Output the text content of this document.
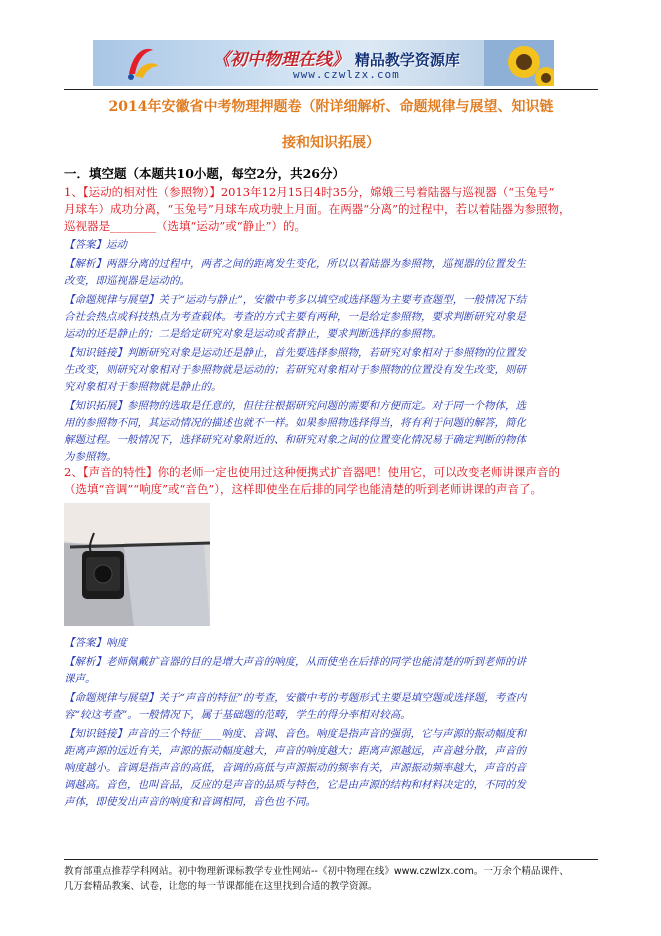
《初中物理在线》 精品教学资源库
www.czwlzx.com
2014年安徽省中考物理押题卷（附详细解析、命题规律与展望、知识链
接和知识拓展）
一．填空题（本题共10小题，每空2分，共26分）
1、【运动的相对性（参照物）】2013年12月15日4时35分，嫦娥三号着陆器与巡视器（“玉兔号”
月球车）成功分离，“玉兔号”月球车成功驶上月面。在两器“分离”的过程中，若以着陆器为参照物，
巡视器是________（选填“运动”或“静止”）的。
【答案】运动
【解析】两器分离的过程中，两者之间的距离发生变化，所以以着陆器为参照物，巡视器的位置发生
改变，即巡视器是运动的。
【命题规律与展望】关于“运动与静止”，安徽中考多以填空或选择题为主要考查题型，一般情况下结
合社会热点或科技热点为考查载体。考查的方式主要有两种，一是给定参照物，要求判断研究对象是
运动的还是静止的；二是给定研究对象是运动或者静止，要求判断选择的参照物。
【知识链接】判断研究对象是运动还是静止，首先要选择参照物，若研究对象相对于参照物的位置发
生改变，则研究对象相对于参照物就是运动的；若研究对象相对于参照物的位置没有发生改变，则研
究对象相对于参照物就是静止的。
【知识拓展】参照物的选取是任意的，但往往根据研究问题的需要和方便而定。对于同一个物体，选
用的参照物不同，其运动情况的描述也就不一样。如果参照物选择得当，将有利于问题的解答，简化
解题过程。一般情况下，选择研究对象附近的、和研究对象之间的位置变化情况易于确定判断的物体
为参照物。
2、【声音的特性】你的老师一定也使用过这种便携式扩音器吧！使用它，可以改变老师讲课声音的
（选填“音调”“响度”或“音色”），这样即使坐在后排的同学也能清楚的听到老师讲课的声音了。
【答案】响度
【解析】老师佩戴扩音器的目的是增大声音的响度，从而使坐在后排的同学也能清楚的听到老师的讲
课声。
【命题规律与展望】关于“声音的特征”的考查，安徽中考的考题形式主要是填空题或选择题，考查内
容“较这考查”。一般情况下，属于基础题的范畴，学生的得分率相对较高。
【知识链接】声音的三个特征____响度、音调、音色。响度是指声音的强弱，它与声源的振动幅度和
距离声源的远近有关，声源的振动幅度越大，声音的响度越大；距离声源越远，声音越分散，声音的
响度越小。音调是指声音的高低，音调的高低与声源振动的频率有关，声源振动频率越大，声音的音
调越高。音色，也叫音品，反应的是声音的品质与特色，它是由声源的结构和材料决定的，不同的发
声体，即使发出声音的响度和音调相同，音色也不同。
教育部重点推荐学科网站。初中物理新课标教学专业性网站--《初中物理在线》www.czwlzx.com。一万余个精品课件、
几万套精品教案、试卷，让您的每一节课都能在这里找到合适的教学资源。
